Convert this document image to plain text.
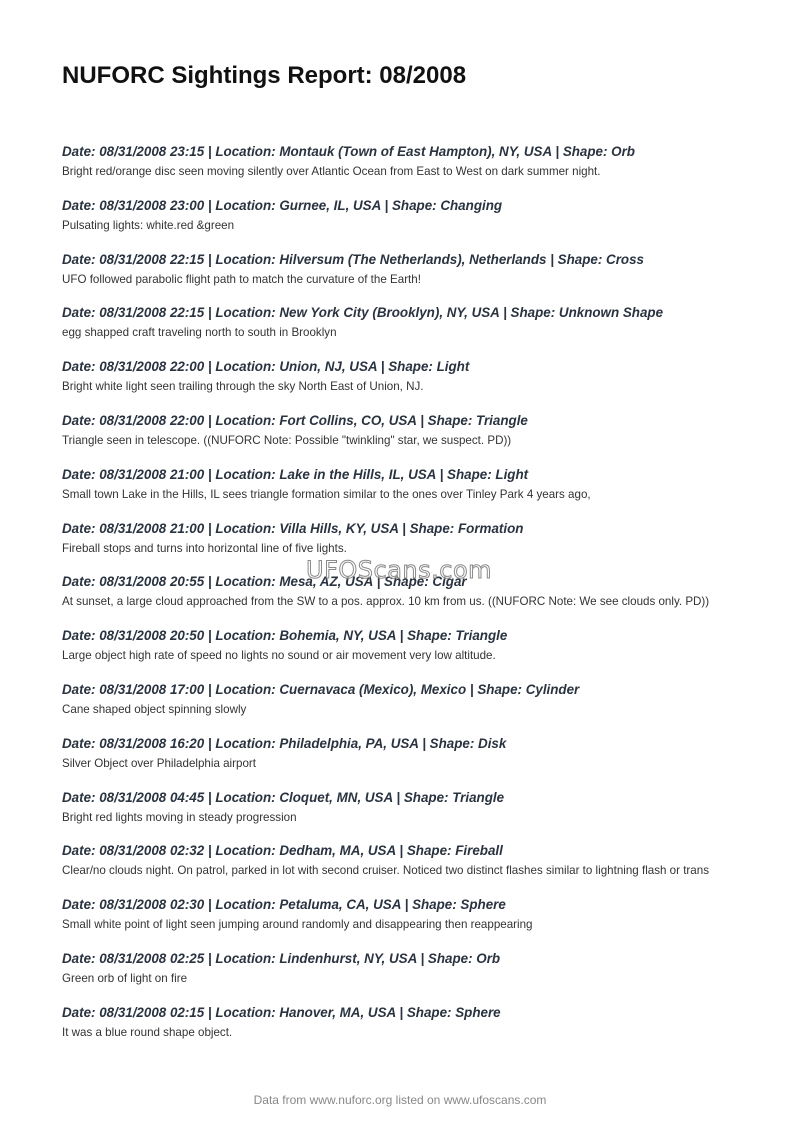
NUFORC Sightings Report: 08/2008
Date: 08/31/2008 23:15 | Location: Montauk (Town of East Hampton), NY, USA | Shape: Orb
Bright red/orange disc seen moving silently over Atlantic Ocean from East to West on dark summer night.
Date: 08/31/2008 23:00 | Location: Gurnee, IL, USA | Shape: Changing
Pulsating lights: white.red &green
Date: 08/31/2008 22:15 | Location: Hilversum (The Netherlands), Netherlands | Shape: Cross
UFO followed parabolic flight path to match the curvature of the Earth!
Date: 08/31/2008 22:15 | Location: New York City (Brooklyn), NY, USA | Shape: Unknown Shape
egg shapped craft traveling north to south in Brooklyn
Date: 08/31/2008 22:00 | Location: Union, NJ, USA | Shape: Light
Bright white light seen trailing through the sky North East of Union, NJ.
Date: 08/31/2008 22:00 | Location: Fort Collins, CO, USA | Shape: Triangle
Triangle seen in telescope. ((NUFORC Note: Possible "twinkling" star, we suspect. PD))
Date: 08/31/2008 21:00 | Location: Lake in the Hills, IL, USA | Shape: Light
Small town Lake in the Hills, IL sees triangle formation similar to the ones over Tinley Park 4 years ago,
Date: 08/31/2008 21:00 | Location: Villa Hills, KY, USA | Shape: Formation
Fireball stops and turns into horizontal line of five lights.
Date: 08/31/2008 20:55 | Location: Mesa, AZ, USA | Shape: Cigar
At sunset, a large cloud approached from the SW to a pos. approx. 10 km from us. ((NUFORC Note: We see clouds only. PD))
Date: 08/31/2008 20:50 | Location: Bohemia, NY, USA | Shape: Triangle
Large object high rate of speed no lights no sound or air movement very low altitude.
Date: 08/31/2008 17:00 | Location: Cuernavaca (Mexico), Mexico | Shape: Cylinder
Cane shaped object spinning slowly
Date: 08/31/2008 16:20 | Location: Philadelphia, PA, USA | Shape: Disk
Silver Object over Philadelphia airport
Date: 08/31/2008 04:45 | Location: Cloquet, MN, USA | Shape: Triangle
Bright red lights moving in steady progression
Date: 08/31/2008 02:32 | Location: Dedham, MA, USA | Shape: Fireball
Clear/no clouds night. On patrol, parked in lot with second cruiser. Noticed two distinct flashes similar to lightning flash or trans
Date: 08/31/2008 02:30 | Location: Petaluma, CA, USA | Shape: Sphere
Small white point of light seen jumping around randomly and disappearing then reappearing
Date: 08/31/2008 02:25 | Location: Lindenhurst, NY, USA | Shape: Orb
Green orb of light on fire
Date: 08/31/2008 02:15 | Location: Hanover, MA, USA | Shape: Sphere
It was a blue round shape object.
UFOScans.com
Data from www.nuforc.org listed on www.ufoscans.com
